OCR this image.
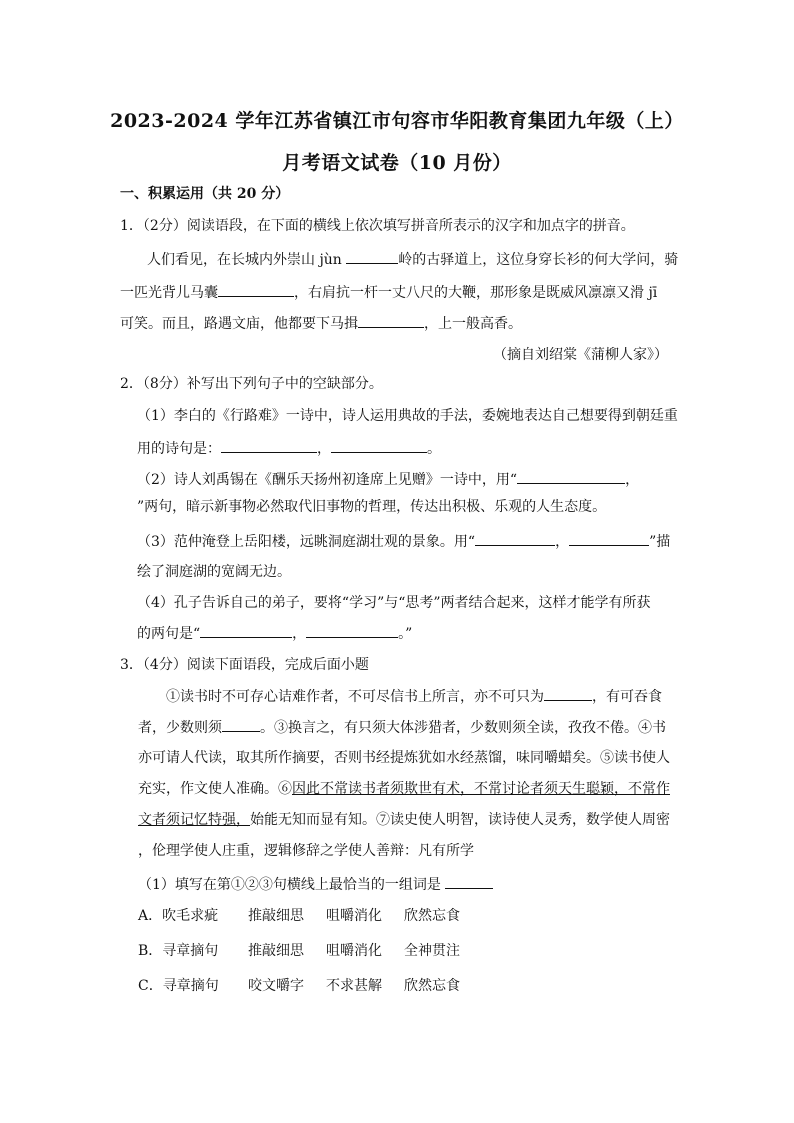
2023-2024 学年江苏省镇江市句容市华阳教育集团九年级（上）
月考语文试卷（10 月份）
一、积累运用（共 20 分）
1．（2分）阅读语段，在下面的横线上依次填写拼音所表示的汉字和加点字的拼音。
人们看见，在长城内外崇山 jùn	岭的古驿道上，这位身穿长衫的何大学问，骑
一匹光背儿马囊	，右肩抗一杆一丈八尺的大鞭，那形象是既威风凛凛又滑 jī
可笑。而且，路遇文庙，他都要下马揖	，上一般高香。
（摘自刘绍棠《蒲柳人家》）
2．（8分）补写出下列句子中的空缺部分。
（1）李白的《行路难》一诗中，诗人运用典故的手法，委婉地表达自己想要得到朝廷重
用的诗句是：	，	。
（2）诗人刘禹锡在《酬乐天扬州初逢席上见赠》一诗中，用“	，
”两句，暗示新事物必然取代旧事物的哲理，传达出积极、乐观的人生态度。
（3）范仲淹登上岳阳楼，远眺洞庭湖壮观的景象。用“	，	”描
绘了洞庭湖的宽阔无边。
（4）孔子告诉自己的弟子，要将“学习”与“思考”两者结合起来，这样才能学有所获
的两句是“	，	。”
3．（4分）阅读下面语段，完成后面小题
①读书时不可存心诘难作者，不可尽信书上所言，亦不可只为	，有可吞食
者，少数则须	。③换言之，有只须大体涉猎者，少数则须全读，孜孜不倦。④书
亦可请人代读，取其所作摘要，否则书经提炼犹如水经蒸馏，味同嚼蜡矣。⑤读书使人
充实，作文使人准确。⑥因此不常读书者须欺世有术，不常讨论者须天生聪颖，不常作
文者须记忆特强，始能无知而显有知。⑦读史使人明智，读诗使人灵秀，数学使人周密
，伦理学使人庄重，逻辑修辞之学使人善辩：凡有所学
（1）填写在第①②③句横线上最恰当的一组词是
A．吹毛求疵 推敲细思 咀嚼消化 欣然忘食
B．寻章摘句 推敲细思 咀嚼消化 全神贯注
C．寻章摘句 咬文嚼字 不求甚解 欣然忘食
